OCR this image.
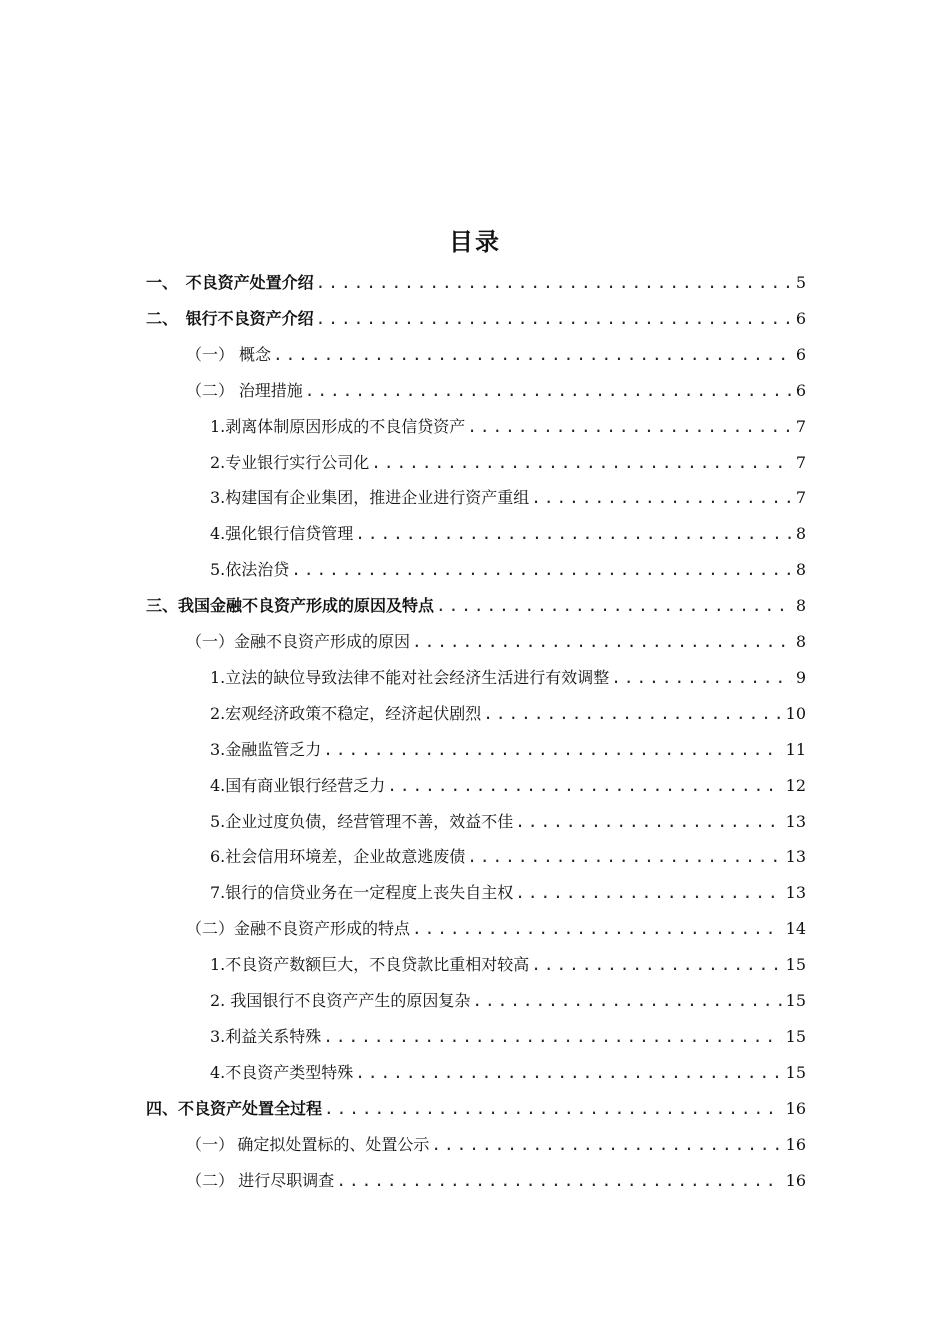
目录
一、 不良资产处置介绍 .....	5
二、 银行不良资产介绍 .....	6
（一） 概念 .....	6
（二） 治理措施 .....	6
1.剥离体制原因形成的不良信贷资产 .....	7
2.专业银行实行公司化 .....	7
3.构建国有企业集团，推进企业进行资产重组 .....	7
4.强化银行信贷管理 .....	8
5.依法治贷 .....	8
三、我国金融不良资产形成的原因及特点 .....	8
（一）金融不良资产形成的原因 .....	8
1.立法的缺位导致法律不能对社会经济生活进行有效调整 .....	9
2.宏观经济政策不稳定，经济起伏剧烈 .....	10
3.金融监管乏力 .....	11
4.国有商业银行经营乏力 .....	12
5.企业过度负债，经营管理不善，效益不佳 .....	13
6.社会信用环境差，企业故意逃废债 .....	13
7.银行的信贷业务在一定程度上丧失自主权 .....	13
（二）金融不良资产形成的特点 .....	14
1.不良资产数额巨大，不良贷款比重相对较高 .....	15
2. 我国银行不良资产产生的原因复杂 .....	15
3.利益关系特殊 .....	15
4.不良资产类型特殊 .....	15
四、不良资产处置全过程 .....	16
（一） 确定拟处置标的、处置公示 .....	16
（二） 进行尽职调查 .....	16
